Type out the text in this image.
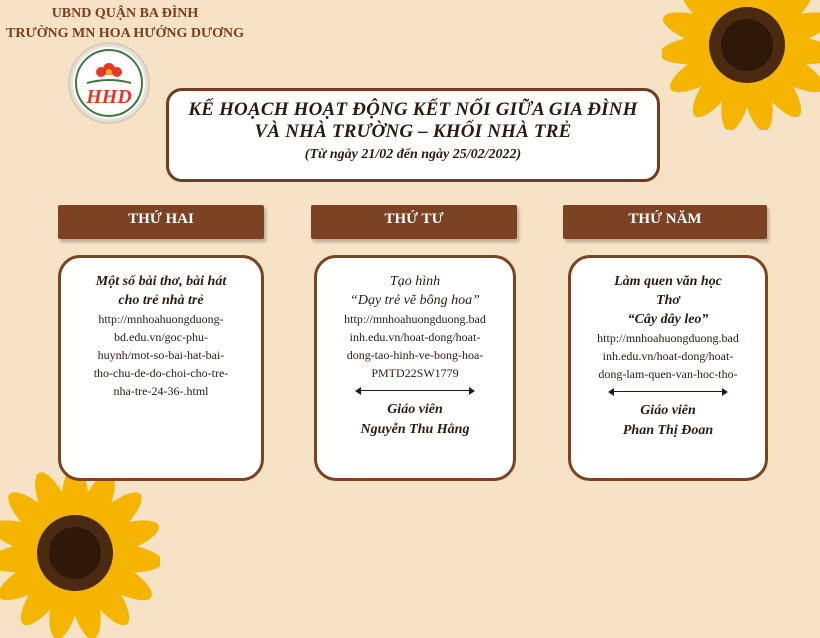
UBND QUẬN BA ĐÌNH
TRƯỜNG MN HOA HƯỚNG DƯƠNG
HHD
KẾ HOẠCH HOẠT ĐỘNG KẾT NỐI GIỮA GIA ĐÌNH
VÀ NHÀ TRƯỜNG – KHỐI NHÀ TRẺ
(Từ ngày 21/02 đến ngày 25/02/2022)
THỨ HAI	THỨ TƯ	THỨ NĂM
Một số bài thơ, bài hát
cho trẻ nhà trẻ
http://mnhoahuongduong-
bd.edu.vn/goc-phu-
huynh/mot-so-bai-hat-bai-
tho-chu-de-do-choi-cho-tre-
nha-tre-24-36-.html
Tạo hình
“Dạy trẻ vẽ bông hoa”
http://mnhoahuongduong.bad
inh.edu.vn/hoat-dong/hoat-
dong-tao-hinh-ve-bong-hoa-
PMTD22SW1779
Giáo viên
Nguyễn Thu Hằng
Làm quen văn học
Thơ
“Cây dây leo”
http://mnhoahuongduong.bad
inh.edu.vn/hoat-dong/hoat-
dong-lam-quen-van-hoc-tho-
Giáo viên
Phan Thị Đoan
